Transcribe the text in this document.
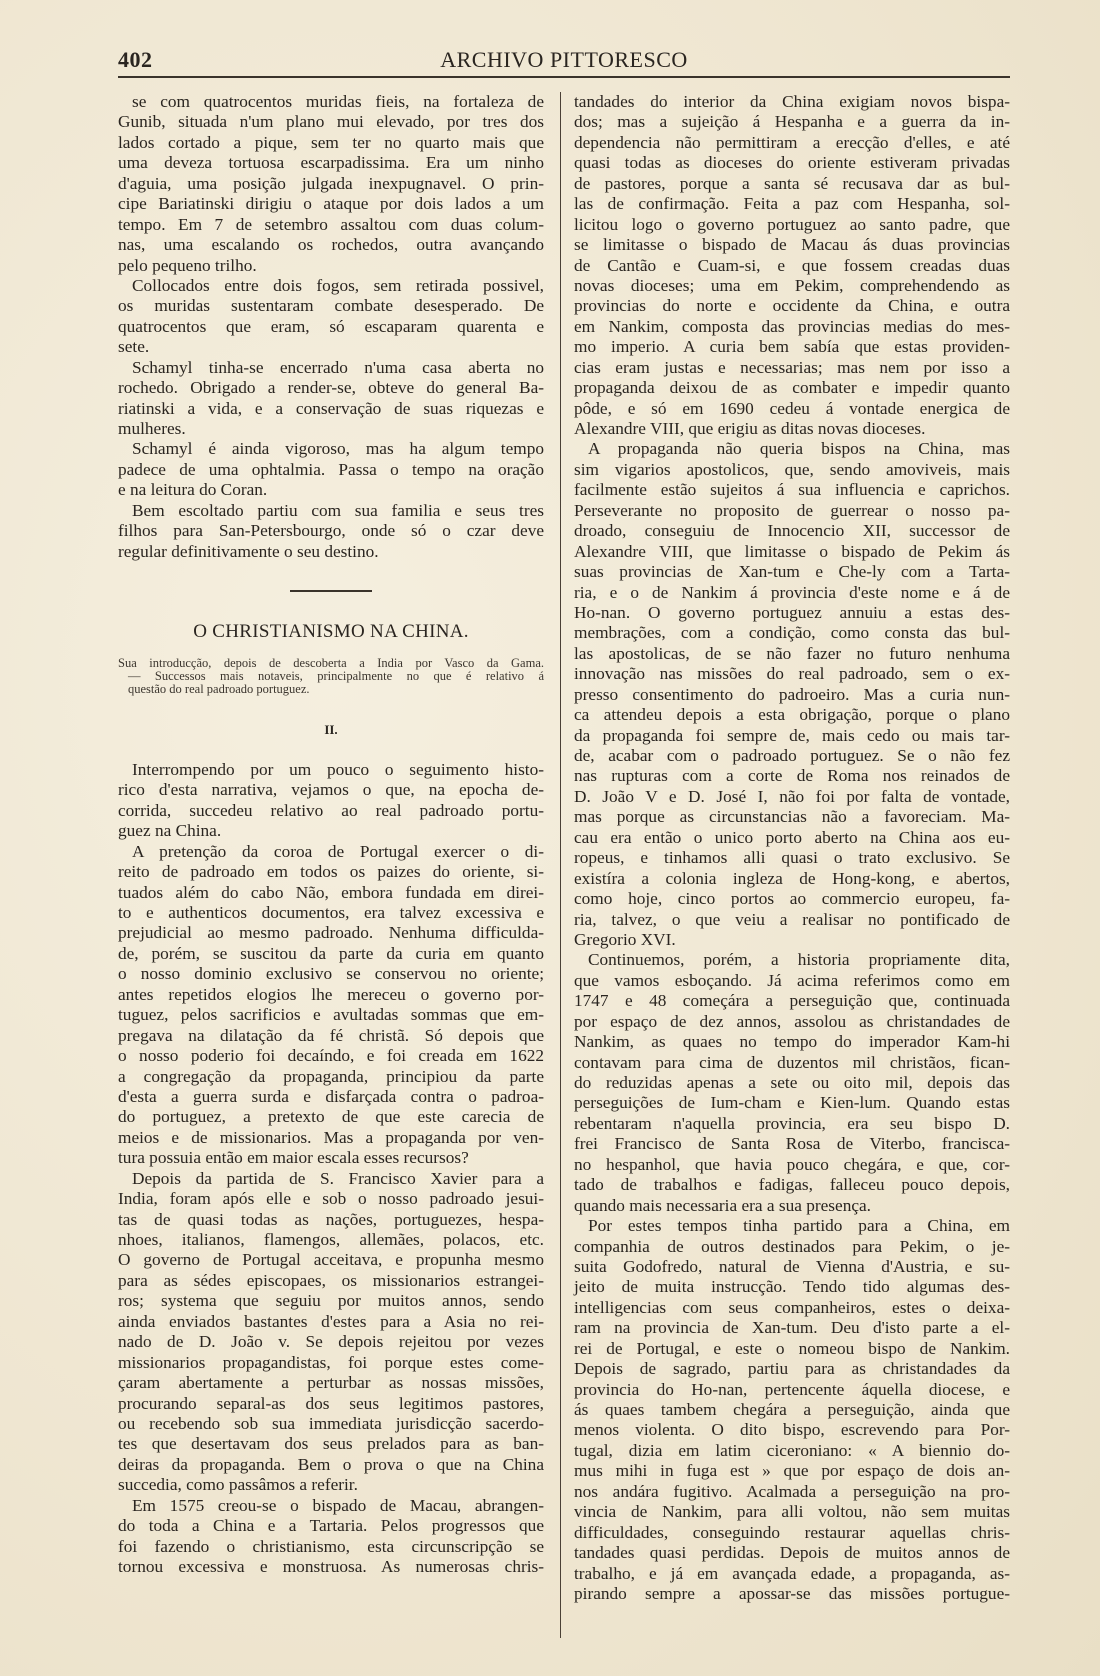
ARCHIVO PITTORESCO
402
se com quatrocentos muridas fieis, na fortaleza de
Gunib, situada n'um plano mui elevado, por tres dos
lados cortado a pique, sem ter no quarto mais que
uma deveza tortuosa escarpadissima. Era um ninho
d'aguia, uma posição julgada inexpugnavel. O prin-
cipe Bariatinski dirigiu o ataque por dois lados a um
tempo. Em 7 de setembro assaltou com duas colum-
nas, uma escalando os rochedos, outra avançando
pelo pequeno trilho.
Collocados entre dois fogos, sem retirada possivel,
os muridas sustentaram combate desesperado. De
quatrocentos que eram, só escaparam quarenta e
sete.
Schamyl tinha-se encerrado n'uma casa aberta no
rochedo. Obrigado a render-se, obteve do general Ba-
riatinski a vida, e a conservação de suas riquezas e
mulheres.
Schamyl é ainda vigoroso, mas ha algum tempo
padece de uma ophtalmia. Passa o tempo na oração
e na leitura do Coran.
Bem escoltado partiu com sua familia e seus tres
filhos para San-Petersbourgo, onde só o czar deve
regular definitivamente o seu destino.
O CHRISTIANISMO NA CHINA.
Sua introducção, depois de descoberta a India por Vasco da Gama.
— Successos mais notaveis, principalmente no que é relativo á
questão do real padroado portuguez.
II.
Interrompendo por um pouco o seguimento histo-
rico d'esta narrativa, vejamos o que, na epocha de-
corrida, succedeu relativo ao real padroado portu-
guez na China.
A pretenção da coroa de Portugal exercer o di-
reito de padroado em todos os paizes do oriente, si-
tuados além do cabo Não, embora fundada em direi-
to e authenticos documentos, era talvez excessiva e
prejudicial ao mesmo padroado. Nenhuma difficulda-
de, porém, se suscitou da parte da curia em quanto
o nosso dominio exclusivo se conservou no oriente;
antes repetidos elogios lhe mereceu o governo por-
tuguez, pelos sacrificios e avultadas sommas que em-
pregava na dilatação da fé christã. Só depois que
o nosso poderio foi decaíndo, e foi creada em 1622
a congregação da propaganda, principiou da parte
d'esta a guerra surda e disfarçada contra o padroa-
do portuguez, a pretexto de que este carecia de
meios e de missionarios. Mas a propaganda por ven-
tura possuia então em maior escala esses recursos?
Depois da partida de S. Francisco Xavier para a
India, foram após elle e sob o nosso padroado jesui-
tas de quasi todas as nações, portuguezes, hespa-
nhoes, italianos, flamengos, allemães, polacos, etc.
O governo de Portugal acceitava, e propunha mesmo
para as sédes episcopaes, os missionarios estrangei-
ros; systema que seguiu por muitos annos, sendo
ainda enviados bastantes d'estes para a Asia no rei-
nado de D. João v. Se depois rejeitou por vezes
missionarios propagandistas, foi porque estes come-
çaram abertamente a perturbar as nossas missões,
procurando separal-as dos seus legitimos pastores,
ou recebendo sob sua immediata jurisdicção sacerdo-
tes que desertavam dos seus prelados para as ban-
deiras da propaganda. Bem o prova o que na China
succedia, como passâmos a referir.
Em 1575 creou-se o bispado de Macau, abrangen-
do toda a China e a Tartaria. Pelos progressos que
foi fazendo o christianismo, esta circunscripção se
tornou excessiva e monstruosa. As numerosas chris-
tandades do interior da China exigiam novos bispa-
dos; mas a sujeição á Hespanha e a guerra da in-
dependencia não permittiram a erecção d'elles, e até
quasi todas as dioceses do oriente estiveram privadas
de pastores, porque a santa sé recusava dar as bul-
las de confirmação. Feita a paz com Hespanha, sol-
licitou logo o governo portuguez ao santo padre, que
se limitasse o bispado de Macau ás duas provincias
de Cantão e Cuam-si, e que fossem creadas duas
novas dioceses; uma em Pekim, comprehendendo as
provincias do norte e occidente da China, e outra
em Nankim, composta das provincias medias do mes-
mo imperio. A curia bem sabía que estas providen-
cias eram justas e necessarias; mas nem por isso a
propaganda deixou de as combater e impedir quanto
pôde, e só em 1690 cedeu á vontade energica de
Alexandre VIII, que erigiu as ditas novas dioceses.
A propaganda não queria bispos na China, mas
sim vigarios apostolicos, que, sendo amoviveis, mais
facilmente estão sujeitos á sua influencia e caprichos.
Perseverante no proposito de guerrear o nosso pa-
droado, conseguiu de Innocencio XII, successor de
Alexandre VIII, que limitasse o bispado de Pekim ás
suas provincias de Xan-tum e Che-ly com a Tarta-
ria, e o de Nankim á provincia d'este nome e á de
Ho-nan. O governo portuguez annuiu a estas des-
membrações, com a condição, como consta das bul-
las apostolicas, de se não fazer no futuro nenhuma
innovação nas missões do real padroado, sem o ex-
presso consentimento do padroeiro. Mas a curia nun-
ca attendeu depois a esta obrigação, porque o plano
da propaganda foi sempre de, mais cedo ou mais tar-
de, acabar com o padroado portuguez. Se o não fez
nas rupturas com a corte de Roma nos reinados de
D. João V e D. José I, não foi por falta de vontade,
mas porque as circunstancias não a favoreciam. Ma-
cau era então o unico porto aberto na China aos eu-
ropeus, e tinhamos alli quasi o trato exclusivo. Se
existíra a colonia ingleza de Hong-kong, e abertos,
como hoje, cinco portos ao commercio europeu, fa-
ria, talvez, o que veiu a realisar no pontificado de
Gregorio XVI.
Continuemos, porém, a historia propriamente dita,
que vamos esboçando. Já acima referimos como em
1747 e 48 começára a perseguição que, continuada
por espaço de dez annos, assolou as christandades de
Nankim, as quaes no tempo do imperador Kam-hi
contavam para cima de duzentos mil christãos, fican-
do reduzidas apenas a sete ou oito mil, depois das
perseguições de Ium-cham e Kien-lum. Quando estas
rebentaram n'aquella provincia, era seu bispo D.
frei Francisco de Santa Rosa de Viterbo, francisca-
no hespanhol, que havia pouco chegára, e que, cor-
tado de trabalhos e fadigas, falleceu pouco depois,
quando mais necessaria era a sua presença.
Por estes tempos tinha partido para a China, em
companhia de outros destinados para Pekim, o je-
suita Godofredo, natural de Vienna d'Austria, e su-
jeito de muita instrucção. Tendo tido algumas des-
intelligencias com seus companheiros, estes o deixa-
ram na provincia de Xan-tum. Deu d'isto parte a el-
rei de Portugal, e este o nomeou bispo de Nankim.
Depois de sagrado, partiu para as christandades da
provincia do Ho-nan, pertencente áquella diocese, e
ás quaes tambem chegára a perseguição, ainda que
menos violenta. O dito bispo, escrevendo para Por-
tugal, dizia em latim ciceroniano: « A biennio do-
mus mihi in fuga est » que por espaço de dois an-
nos andára fugitivo. Acalmada a perseguição na pro-
vincia de Nankim, para alli voltou, não sem muitas
difficuldades, conseguindo restaurar aquellas chris-
tandades quasi perdidas. Depois de muitos annos de
trabalho, e já em avançada edade, a propaganda, as-
pirando sempre a apossar-se das missões portugue-
